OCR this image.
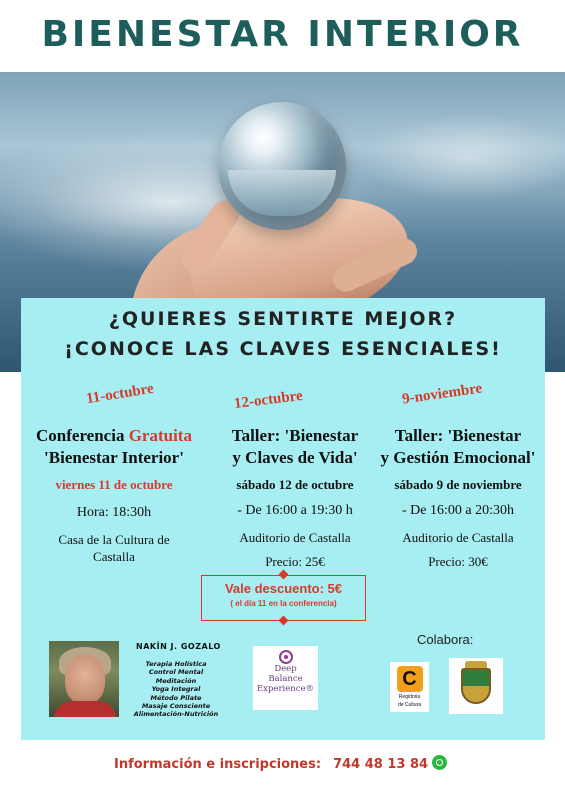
BIENESTAR INTERIOR
¿QUIERES SENTIRTE MEJOR?
¡CONOCE LAS CLAVES ESENCIALES!
11-octubre	12-octubre	9-noviembre
Conferencia Gratuita
'Bienestar Interior'
viernes 11 de octubre
Hora: 18:30h
Casa de la Cultura de
Castalla
Taller: 'Bienestar
y Claves de Vida'
sábado 12 de octubre
- De 16:00 a 19:30 h
Auditorio de Castalla
Precio: 25€
Taller: 'Bienestar
y Gestión Emocional'
sábado 9 de noviembre
- De 16:00 a 20:30h
Auditorio de Castalla
Precio: 30€
Vale descuento: 5€
( el día 11 en la conferencia)
NAKÎN J. GOZALO
Terapia Holística
Control Mental
Meditación
Yoga Integral
Método Pilate
Masaje Consciente
Alimentación-Nutrición
Deep
Balance
Experience®
Colabora:
C
Regidoria
de Cultura
Información e inscripciones: 744 48 13 84
